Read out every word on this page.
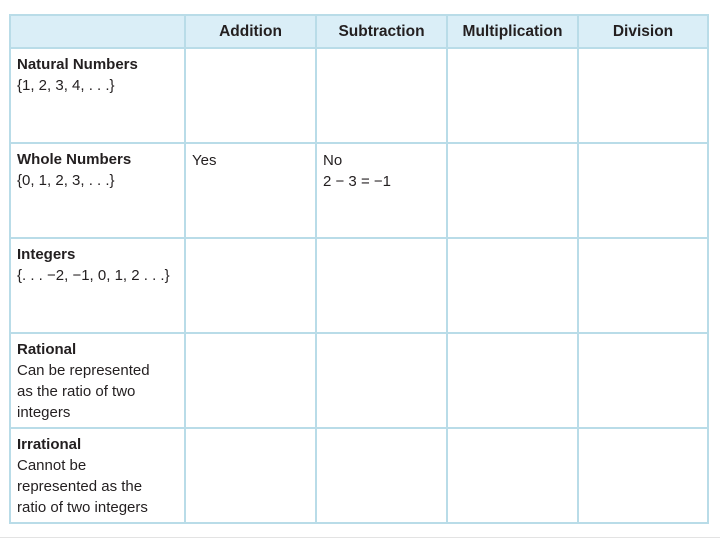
	Addition	Subtraction	Multiplication	Division

Natural Numbers
{1, 2, 3, 4, . . .}				

Whole Numbers
{0, 1, 2, 3, . . .}	Yes	No
2 − 3 = −1		

Integers
{. . . −2, −1, 0, 1, 2 . . .}				

Rational
Can be represented
as the ratio of two
integers				

Irrational
Cannot be
represented as the
ratio of two integers				
